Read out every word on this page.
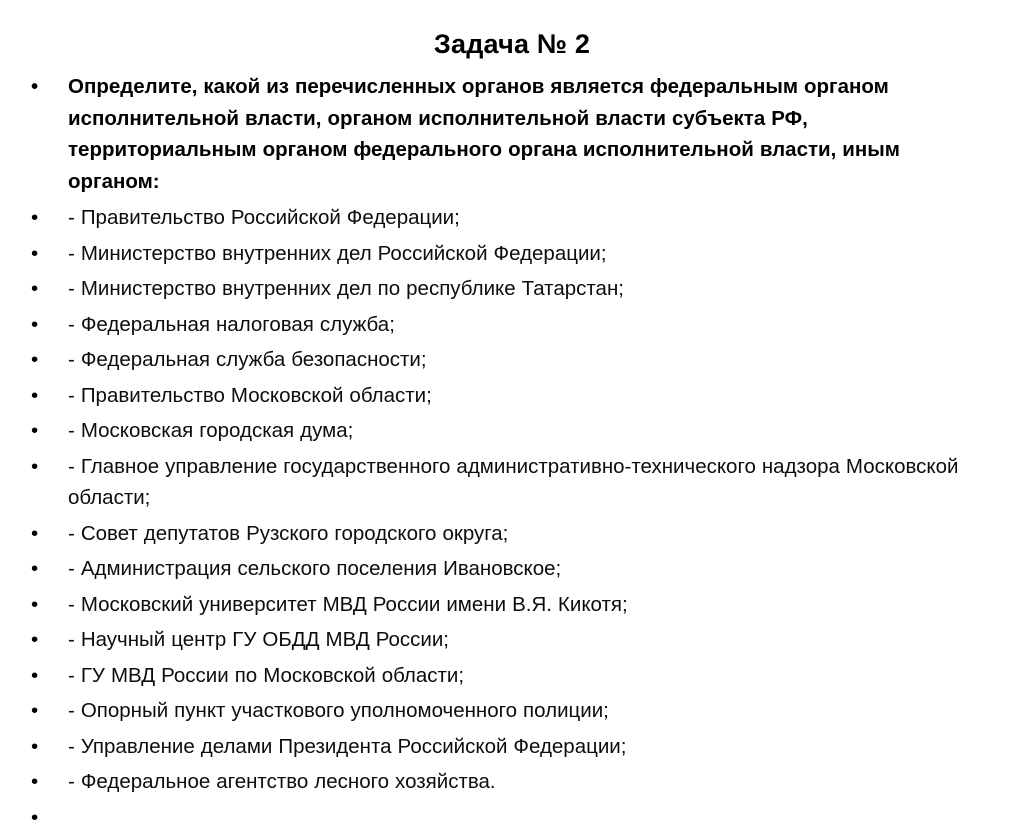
Задача № 2
•	Определите, какой из перечисленных органов является федеральным органом исполнительной власти, органом исполнительной власти субъекта РФ, территориальным органом федерального органа исполнительной власти, иным органом:
•	- Правительство Российской Федерации;
•	- Министерство внутренних дел Российской Федерации;
•	- Министерство внутренних дел по республике Татарстан;
•	- Федеральная налоговая служба;
•	- Федеральная служба безопасности;
•	- Правительство Московской области;
•	- Московская городская дума;
•	- Главное управление государственного административно-технического надзора Московской области;
•	- Совет депутатов Рузского городского округа;
•	- Администрация сельского поселения Ивановское;
•	- Московский университет МВД России имени В.Я. Кикотя;
•	- Научный центр ГУ ОБДД МВД России;
•	- ГУ МВД России по Московской области;
•	- Опорный пункт участкового уполномоченного полиции;
•	- Управление делами Президента Российской Федерации;
•	- Федеральное агентство лесного хозяйства.
•
